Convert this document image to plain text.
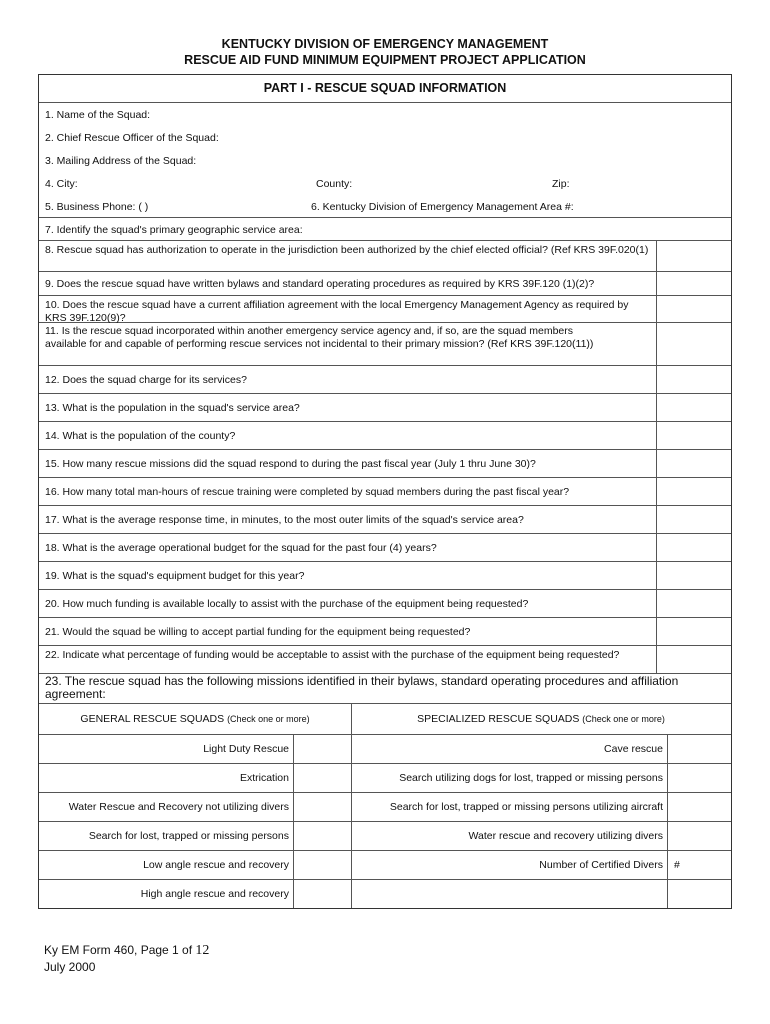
KENTUCKY DIVISION OF EMERGENCY MANAGEMENT
RESCUE AID FUND MINIMUM EQUIPMENT PROJECT APPLICATION
PART I - RESCUE SQUAD INFORMATION
1. Name of the Squad:
2. Chief Rescue Officer of the Squad:
3. Mailing Address of the Squad:
4. City:	County:	Zip:
5. Business Phone: ( )	6. Kentucky Division of Emergency Management Area #:
7. Identify the squad's primary geographic service area:
8. Rescue squad has authorization to operate in the jurisdiction been authorized by the chief elected official? (Ref KRS 39F.020(1)
9. Does the rescue squad have written bylaws and standard operating procedures as required by KRS 39F.120 (1)(2)?
10. Does the rescue squad have a current affiliation agreement with the local Emergency Management Agency as required by KRS 39F.120(9)?
11. Is the rescue squad incorporated within another emergency service agency and, if so, are the squad members available for and capable of performing rescue services not incidental to their primary mission? (Ref KRS 39F.120(11))
12. Does the squad charge for its services?
13. What is the population in the squad's service area?
14. What is the population of the county?
15. How many rescue missions did the squad respond to during the past fiscal year (July 1 thru June 30)?
16. How many total man-hours of rescue training were completed by squad members during the past fiscal year?
17. What is the average response time, in minutes, to the most outer limits of the squad's service area?
18. What is the average operational budget for the squad for the past four (4) years?
19. What is the squad's equipment budget for this year?
20. How much funding is available locally to assist with the purchase of the equipment being requested?
21. Would the squad be willing to accept partial funding for the equipment being requested?
22. Indicate what percentage of funding would be acceptable to assist with the purchase of the equipment being requested?
23. The rescue squad has the following missions identified in their bylaws, standard operating procedures and affiliation agreement:
GENERAL RESCUE SQUADS (Check one or more)	SPECIALIZED RESCUE SQUADS (Check one or more)
Light Duty Rescue	Cave rescue
Extrication	Search utilizing dogs for lost, trapped or missing persons
Water Rescue and Recovery not utilizing divers	Search for lost, trapped or missing persons utilizing aircraft
Search for lost, trapped or missing persons	Water rescue and recovery utilizing divers
Low angle rescue and recovery	Number of Certified Divers	#
High angle rescue and recovery
Ky EM Form 460, Page 1 of 12
July 2000
